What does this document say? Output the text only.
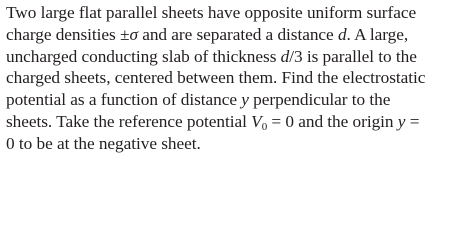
Two large flat parallel sheets have opposite uniform surface
charge densities ±σ and are separated a distance d. A large,
uncharged conducting slab of thickness d/3 is parallel to the
charged sheets, centered between them. Find the electrostatic
potential as a function of distance y perpendicular to the
sheets. Take the reference potential $V_0 = 0$ and the origin y =
0 to be at the negative sheet.
